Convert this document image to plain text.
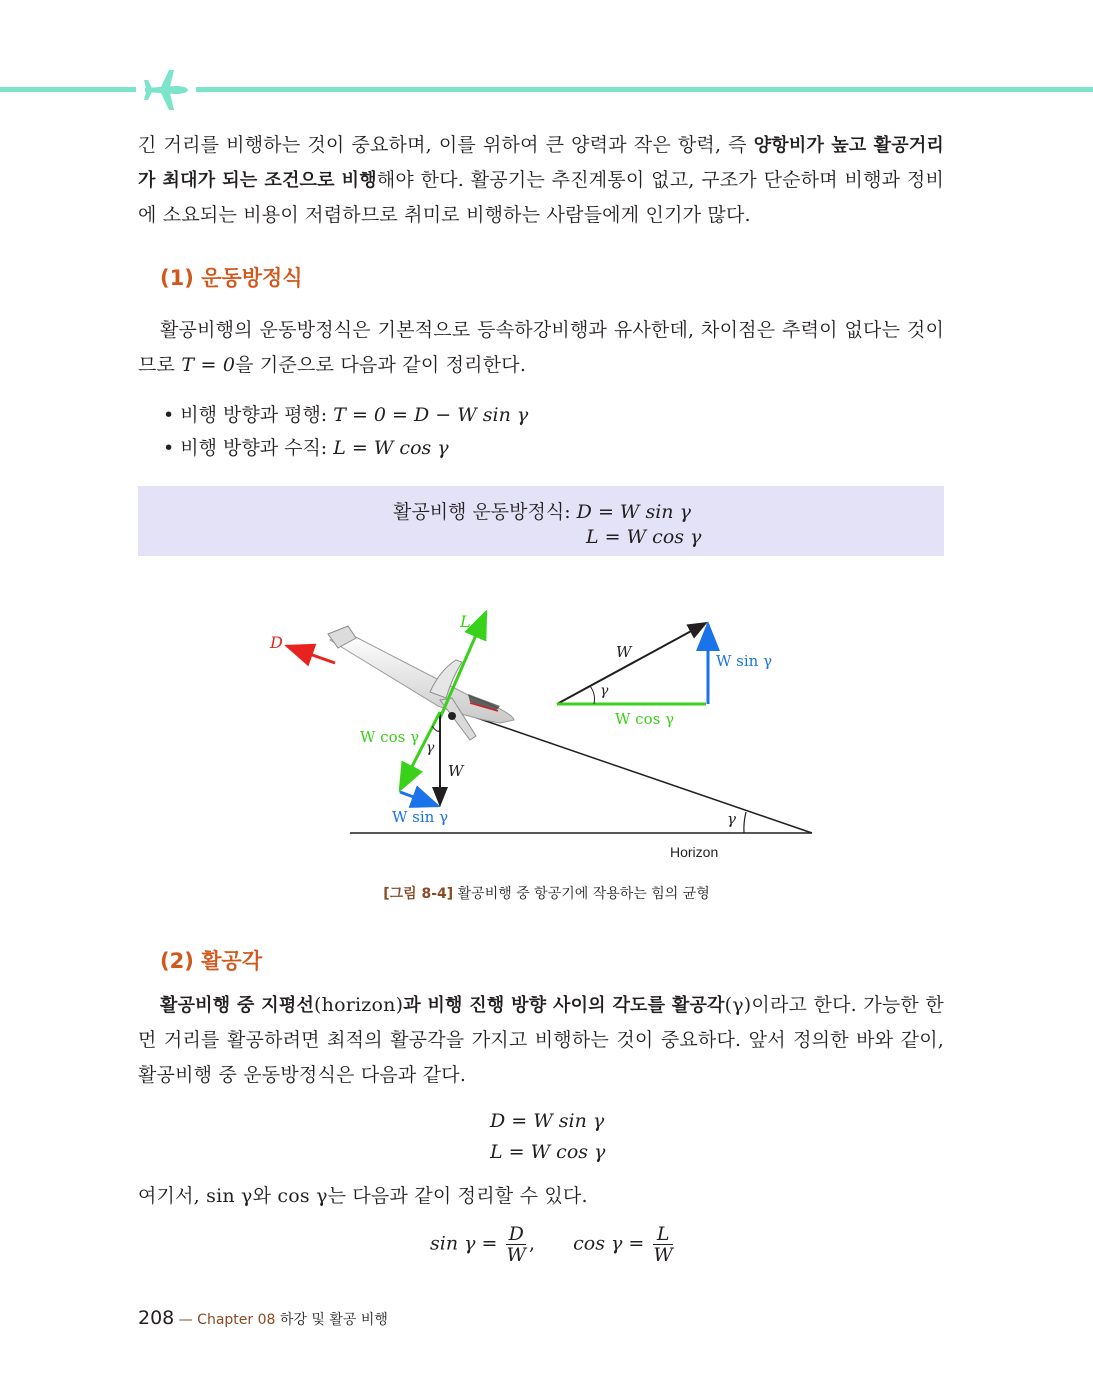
긴 거리를 비행하는 것이 중요하며, 이를 위하여 큰 양력과 작은 항력, 즉 양항비가 높고 활공거리가 최대가 되는 조건으로 비행해야 한다. 활공기는 추진계통이 없고, 구조가 단순하며 비행과 정비에 소요되는 비용이 저렴하므로 취미로 비행하는 사람들에게 인기가 많다.
(1) 운동방정식
활공비행의 운동방정식은 기본적으로 등속하강비행과 유사한데, 차이점은 추력이 없다는 것이므로 T = 0을 기준으로 다음과 같이 정리한다.
• 비행 방향과 평행: T = 0 = D − W sin γ
• 비행 방향과 수직: L = W cos γ
활공비행 운동방정식: D = W sin γ
L = W cos γ
γ
Horizon
D
L
W
W cos γ
W sin γ
γ
γ
W	W sin γ
W cos γ
[그림 8-4] 활공비행 중 항공기에 작용하는 힘의 균형
(2) 활공각
활공비행 중 지평선(horizon)과 비행 진행 방향 사이의 각도를 활공각(γ)이라고 한다. 가능한 한 먼 거리를 활공하려면 최적의 활공각을 가지고 비행하는 것이 중요하다. 앞서 정의한 바와 같이, 활공비행 중 운동방정식은 다음과 같다.
D = W sin γ
L = W cos γ
여기서, sin γ와 cos γ는 다음과 같이 정리할 수 있다.
$\sin \gamma = \frac{D}{W}$ , $\cos \gamma = \frac{L}{W}$
208 — Chapter 08 하강 및 활공 비행
